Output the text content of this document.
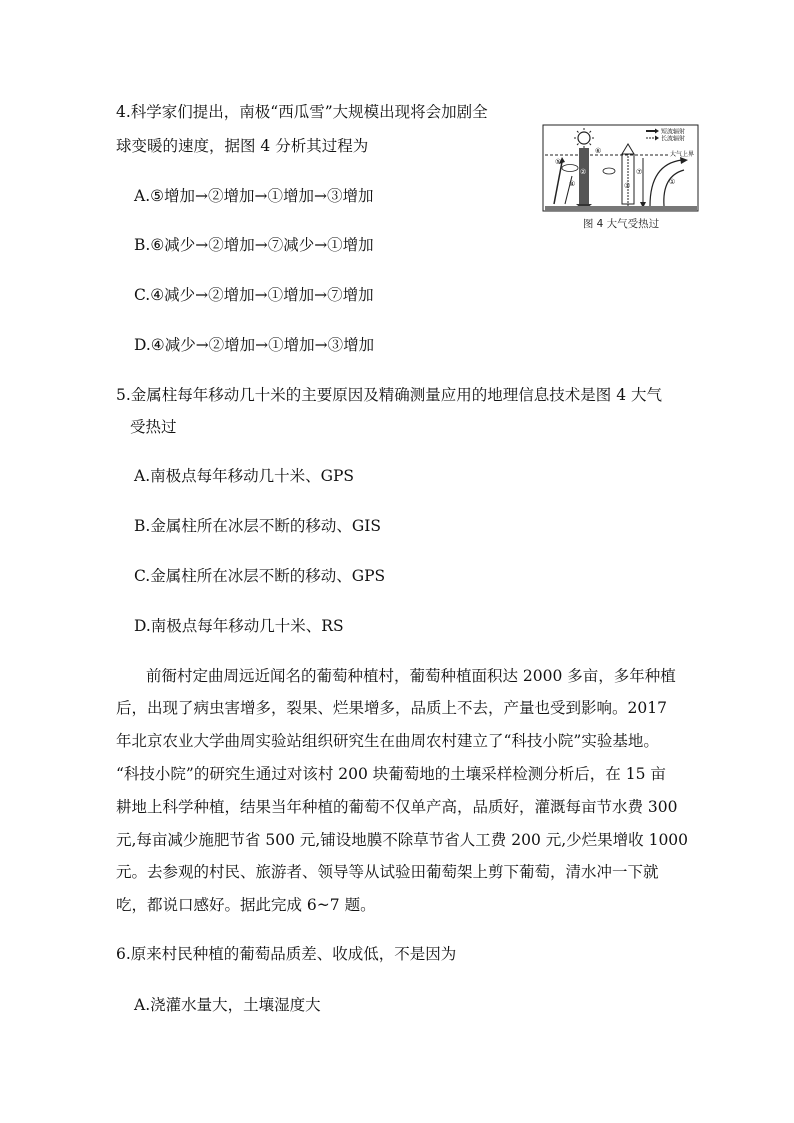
4.科学家们提出，南极“西瓜雪”大规模出现将会加剧全
球变暖的速度，据图 4 分析其过程为
A.⑤增加→②增加→①增加→③增加
B.⑥减少→②增加→⑦减少→①增加
C.④减少→②增加→①增加→⑦增加
D.④减少→②增加→①增加→③增加
短波辐射
长波辐射
大气上界
⑤
⑥
④
②
③
⑦
①
图 4 大气受热过
5.金属柱每年移动几十米的主要原因及精确测量应用的地理信息技术是图 4 大气
受热过
A.南极点每年移动几十米、GPS
B.金属柱所在冰层不断的移动、GIS
C.金属柱所在冰层不断的移动、GPS
D.南极点每年移动几十米、RS
前衙村定曲周远近闻名的葡萄种植村，葡萄种植面积达 2000 多亩，多年种植
后，出现了病虫害增多，裂果、烂果增多，品质上不去，产量也受到影响。2017
年北京农业大学曲周实验站组织研究生在曲周农村建立了“科技小院”实验基地。
“科技小院”的研究生通过对该村 200 块葡萄地的土壤采样检测分析后，在 15 亩
耕地上科学种植，结果当年种植的葡萄不仅单产高，品质好，灌溉每亩节水费 300
元,每亩减少施肥节省 500 元,铺设地膜不除草节省人工费 200 元,少烂果增收 1000
元。去参观的村民、旅游者、领导等从试验田葡萄架上剪下葡萄，清水冲一下就
吃，都说口感好。据此完成 6~7 题。
6.原来村民种植的葡萄品质差、收成低，不是因为
A.浇灌水量大，土壤湿度大
